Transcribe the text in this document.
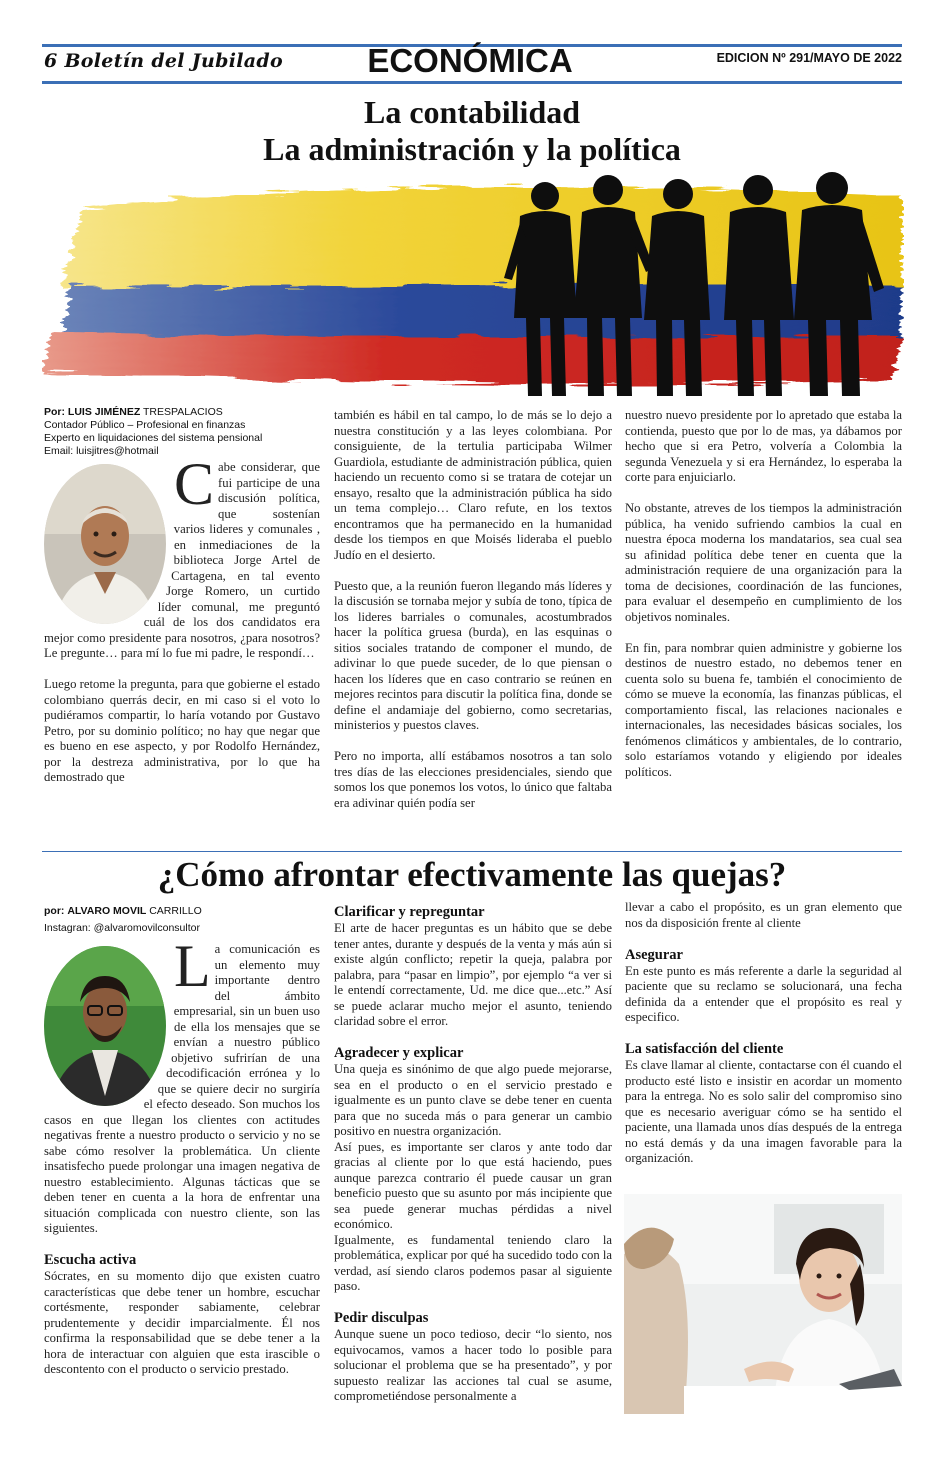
6 Boletín del Jubilado	ECONÓMICA	EDICION Nº 291/MAYO DE 2022
La contabilidad
La administración y la política
Por: LUIS JIMÉNEZ TRESPALACIOS
Contador Público – Profesional en finanzas
Experto en liquidaciones del sistema pensional
Email: luisjitres@hotmail Cabe considerar, que fui participe de una discusión política, que sostenían varios lideres y comunales , en inmediaciones de la biblioteca Jorge Artel de Cartagena, en tal evento Jorge Romero, un curtido líder comunal, me preguntó cuál de los dos candidatos era mejor como presidente para nosotros, ¿para nosotros? Le pregunte… para mí lo fue mi padre, le respondí…

Luego retome la pregunta, para que gobierne el estado colombiano querrás decir, en mi caso si el voto lo pudiéramos compartir, lo haría votando por Gustavo Petro, por su dominio político; no hay que negar que es bueno en ese aspecto, y por Rodolfo Hernández, por la destreza administrativa, por lo que ha demostrado que

también es hábil en tal campo, lo de más se lo dejo a nuestra constitución y a las leyes colombiana. Por consiguiente, de la tertulia participaba Wilmer Guardiola, estudiante de administración pública, quien haciendo un recuento como si se tratara de cotejar un ensayo, resalto que la administración pública ha sido un tema complejo… Claro refute, en los textos encontramos que ha permanecido en la humanidad desde los tiempos en que Moisés lideraba el pueblo Judío en el desierto.

Puesto que, a la reunión fueron llegando más líderes y la discusión se tornaba mejor y subía de tono, típica de los lideres barriales o comunales, acostumbrados hacer la política gruesa (burda), en las esquinas o sitios sociales tratando de componer el mundo, de adivinar lo que puede suceder, de lo que piensan o hacen los líderes que en caso contrario se reúnen en mejores recintos para discutir la política fina, donde se define el andamiaje del gobierno, como secretarias, ministerios y puestos claves.

Pero no importa, allí estábamos nosotros a tan solo tres días de las elecciones presidenciales, siendo que somos los que ponemos los votos, lo único que faltaba era adivinar quién podía ser

nuestro nuevo presidente por lo apretado que estaba la contienda, puesto que por lo de mas, ya dábamos por hecho que si era Petro, volvería a Colombia la segunda Venezuela y si era Hernández, lo esperaba la corte para enjuiciarlo.

No obstante, atreves de los tiempos la administración pública, ha venido sufriendo cambios la cual en nuestra época moderna los mandatarios, sea cual sea su afinidad política debe tener en cuenta que la administración requiere de una organización para la toma de decisiones, coordinación de las funciones, para evaluar el desempeño en cumplimiento de los objetivos nominales.

En fin, para nombrar quien administre y gobierne los destinos de nuestro estado, no debemos tener en cuenta solo su buena fe, también el conocimiento de cómo se mueve la economía, las finanzas públicas, el comportamiento fiscal, las relaciones nacionales e internacionales, las necesidades básicas sociales, los fenómenos climáticos y ambientales, de lo contrario, solo estaríamos votando y eligiendo por ideales políticos.

¿Cómo afrontar efectivamente las quejas?
por: ALVARO MOVIL CARRILLO
Instagran: @alvaromovilconsultor

La comunicación es un elemento muy importante dentro del ámbito empresarial, sin un buen uso de ella los mensajes que se envían a nuestro público objetivo sufrirían de una decodificación errónea y lo que se quiere decir no surgiría el efecto deseado. Son muchos los casos en que llegan los clientes con actitudes negativas frente a nuestro producto o servicio y no se sabe cómo resolver la problemática. Un cliente insatisfecho puede prolongar una imagen negativa de nuestro establecimiento. Algunas tácticas que se deben tener en cuenta a la hora de enfrentar una situación complicada con nuestro cliente, son las siguientes.

Escucha activa

Sócrates, en su momento dijo que existen cuatro características que debe tener un hombre, escuchar cortésmente, responder sabiamente, celebrar prudentemente y decidir imparcialmente. Él nos confirma la responsabilidad que se debe tener a la hora de interactuar con alguien que esta irascible o descontento con el producto o servicio prestado.

Clarificar y repreguntar

El arte de hacer preguntas es un hábito que se debe tener antes, durante y después de la venta y más aún si existe algún conflicto; repetir la queja, palabra por palabra, para “pasar en limpio”, por ejemplo “a ver si le entendí correctamente, Ud. me dice que...etc.” Así se puede aclarar mucho mejor el asunto, teniendo claridad sobre el error.

Agradecer y explicar

Una queja es sinónimo de que algo puede mejorarse, sea en el producto o en el servicio prestado e igualmente es un punto clave se debe tener en cuenta para que no suceda más o para generar un cambio positivo en nuestra organización.

Así pues, es importante ser claros y ante todo dar gracias al cliente por lo que está haciendo, pues aunque parezca contrario él puede causar un gran beneficio puesto que su asunto por más incipiente que sea puede generar muchas pérdidas a nivel económico.

Igualmente, es fundamental teniendo claro la problemática, explicar por qué ha sucedido todo con la verdad, así siendo claros podemos pasar al siguiente paso.

Pedir disculpas

Aunque suene un poco tedioso, decir “lo siento, nos equivocamos, vamos a hacer todo lo posible para solucionar el problema que se ha presentado”, y por supuesto realizar las acciones tal cual se asume, comprometiéndose personalmente a

llevar a cabo el propósito, es un gran elemento que nos da disposición frente al cliente

Asegurar

En este punto es más referente a darle la seguridad al paciente que su reclamo se solucionará, una fecha definida da a entender que el propósito es real y especifico.

La satisfacción del cliente

Es clave llamar al cliente, contactarse con él cuando el producto esté listo e insistir en acordar un momento para la entrega. No es solo salir del compromiso sino que es necesario averiguar cómo se ha sentido el paciente, una llamada unos días después de la entrega no está demás y da una imagen favorable para la organización.
